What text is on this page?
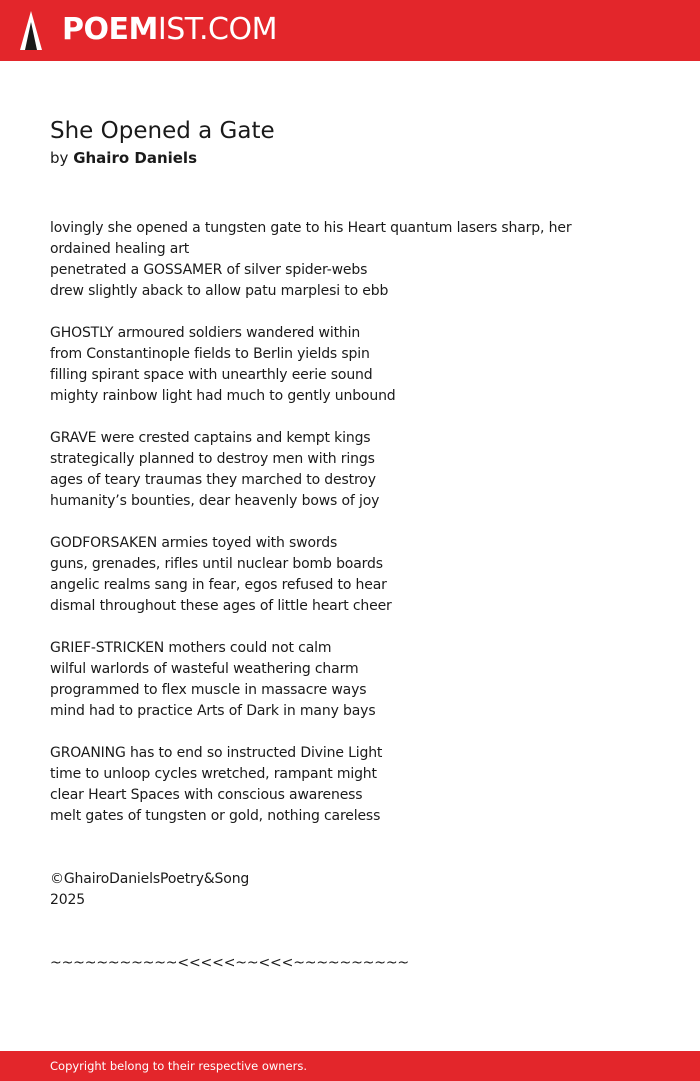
POEMIST.COM
She Opened a Gate
by Ghairo Daniels
lovingly she opened a tungsten gate to his Heart quantum lasers sharp, her
ordained healing art
penetrated a GOSSAMER of silver spider-webs
drew slightly aback to allow patu marplesi to ebb
GHOSTLY armoured soldiers wandered within
from Constantinople fields to Berlin yields spin
filling spirant space with unearthly eerie sound
mighty rainbow light had much to gently unbound
GRAVE were crested captains and kempt kings
strategically planned to destroy men with rings
ages of teary traumas they marched to destroy
humanity’s bounties, dear heavenly bows of joy
GODFORSAKEN armies toyed with swords
guns, grenades, rifles until nuclear bomb boards
angelic realms sang in fear, egos refused to hear
dismal throughout these ages of little heart cheer
GRIEF-STRICKEN mothers could not calm
wilful warlords of wasteful weathering charm
programmed to flex muscle in massacre ways
mind had to practice Arts of Dark in many bays
GROANING has to end so instructed Divine Light
time to unloop cycles wretched, rampant might
clear Heart Spaces with conscious awareness
melt gates of tungsten or gold, nothing careless
©GhairoDanielsPoetry&Song
2025
~~~~~~~~~~~<<<<<~~<<<~~~~~~~~~~
Copyright belong to their respective owners.
